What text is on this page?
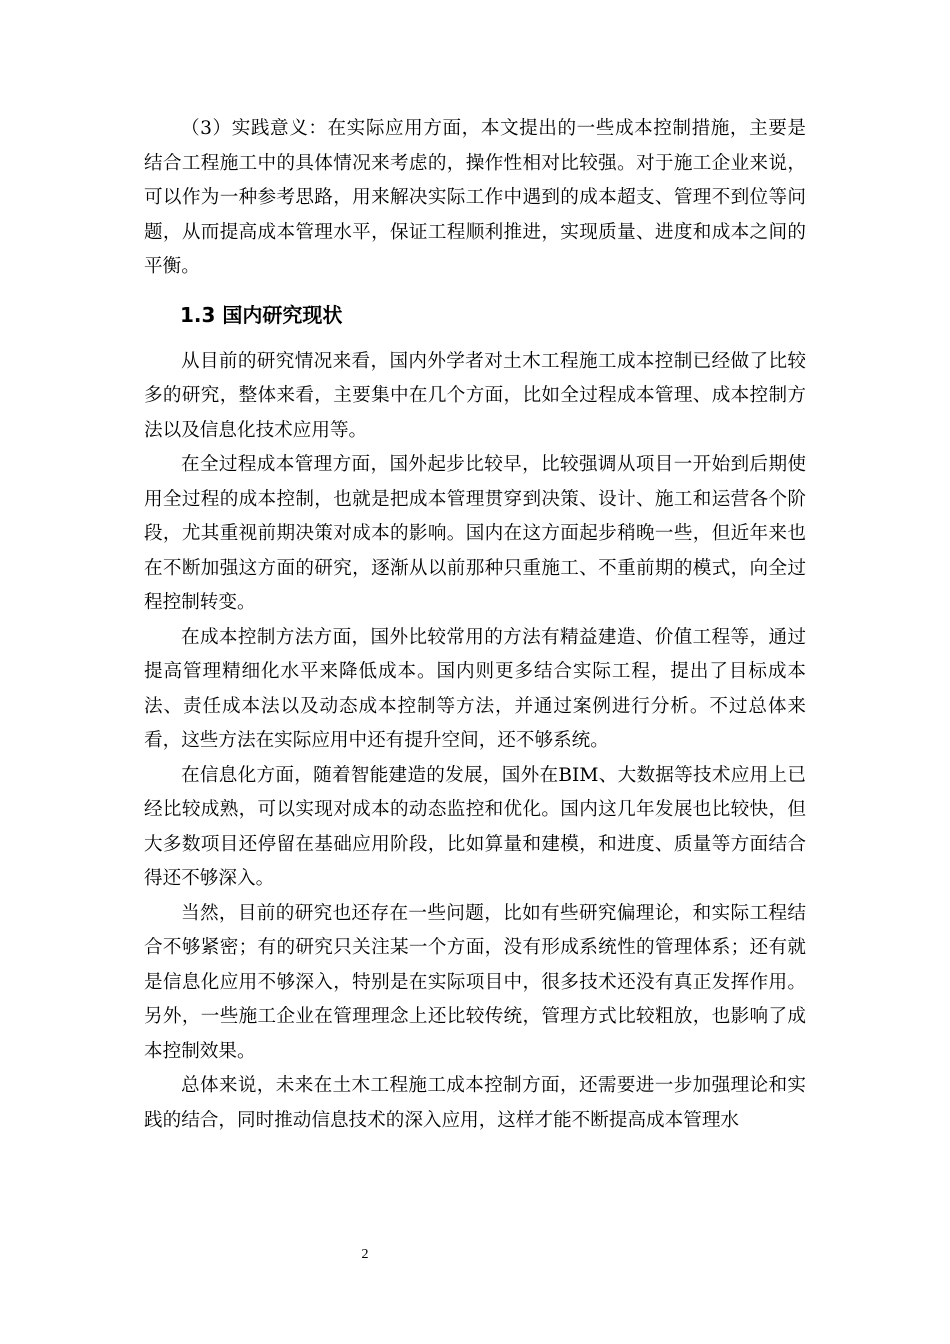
（3）实践意义：在实际应用方面，本文提出的一些成本控制措施，主要是结合工程施工中的具体情况来考虑的，操作性相对比较强。对于施工企业来说，可以作为一种参考思路，用来解决实际工作中遇到的成本超支、管理不到位等问题，从而提高成本管理水平，保证工程顺利推进，实现质量、进度和成本之间的平衡。

1.3 国内研究现状

从目前的研究情况来看，国内外学者对土木工程施工成本控制已经做了比较多的研究，整体来看，主要集中在几个方面，比如全过程成本管理、成本控制方法以及信息化技术应用等。

在全过程成本管理方面，国外起步比较早，比较强调从项目一开始到后期使用全过程的成本控制，也就是把成本管理贯穿到决策、设计、施工和运营各个阶段，尤其重视前期决策对成本的影响。国内在这方面起步稍晚一些，但近年来也在不断加强这方面的研究，逐渐从以前那种只重施工、不重前期的模式，向全过程控制转变。

在成本控制方法方面，国外比较常用的方法有精益建造、价值工程等，通过提高管理精细化水平来降低成本。国内则更多结合实际工程，提出了目标成本法、责任成本法以及动态成本控制等方法，并通过案例进行分析。不过总体来看，这些方法在实际应用中还有提升空间，还不够系统。

在信息化方面，随着智能建造的发展，国外在BIM、大数据等技术应用上已经比较成熟，可以实现对成本的动态监控和优化。国内这几年发展也比较快，但大多数项目还停留在基础应用阶段，比如算量和建模，和进度、质量等方面结合得还不够深入。

当然，目前的研究也还存在一些问题，比如有些研究偏理论，和实际工程结合不够紧密；有的研究只关注某一个方面，没有形成系统性的管理体系；还有就是信息化应用不够深入，特别是在实际项目中，很多技术还没有真正发挥作用。另外，一些施工企业在管理理念上还比较传统，管理方式比较粗放，也影响了成本控制效果。

总体来说，未来在土木工程施工成本控制方面，还需要进一步加强理论和实践的结合，同时推动信息技术的深入应用，这样才能不断提高成本管理水

2
